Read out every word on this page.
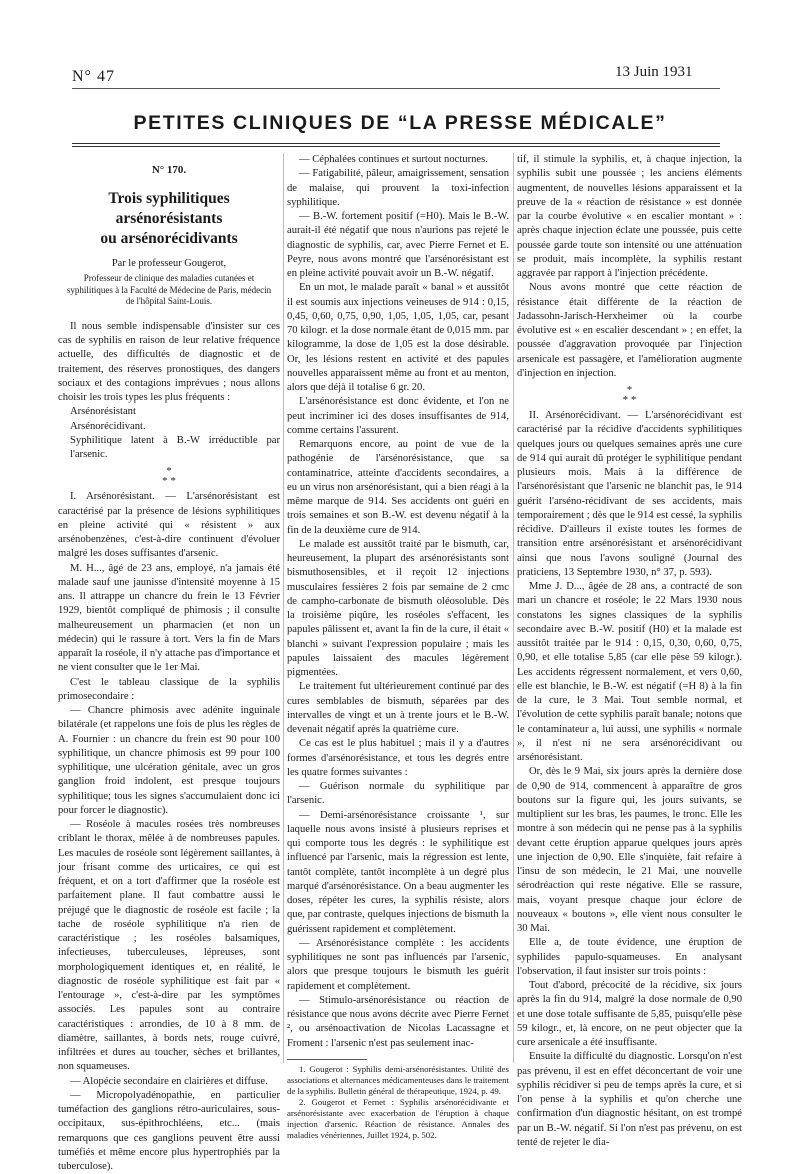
N° 47	13 Juin 1931
PETITES CLINIQUES DE “LA PRESSE MÉDICALE”
N° 170.
Trois syphilitiques
arsénorésistants
ou arsénorécidivants
Par le professeur Gougerot,
Professeur de clinique des maladies cutanées et syphilitiques à la Faculté de Médecine de Paris, médecin de l'hôpital Saint-Louis.

Il nous semble indispensable d'insister sur ces cas de syphilis en raison de leur relative fréquence actuelle, des difficultés de diagnostic et de traitement, des réserves pronostiques, des dangers sociaux et des contagions imprévues ; nous allons choisir les trois types les plus fréquents :

Arsénorésistant

Arsénorécidivant.

Syphilitique latent à B.-W irréductible par l'arsenic.

*
* *

I. Arsénorésistant. — L'arsénorésistant est caractérisé par la présence de lésions syphilitiques en pleine activité qui « résistent » aux arsénobenzènes, c'est-à-dire continuent d'évoluer malgré les doses suffisantes d'arsenic.

M. H..., âgé de 23 ans, employé, n'a jamais été malade sauf une jaunisse d'intensité moyenne à 15 ans. Il attrappe un chancre du frein le 13 Février 1929, bientôt compliqué de phimosis ; il consulte malheureusement un pharmacien (et non un médecin) qui le rassure à tort. Vers la fin de Mars apparaît la roséole, il n'y attache pas d'importance et ne vient consulter que le 1er Mai.

C'est le tableau classique de la syphilis primosecondaire :

— Chancre phimosis avec adénite inguinale bilatérale (et rappelons une fois de plus les règles de A. Fournier : un chancre du frein est 90 pour 100 syphilitique, un chancre phimosis est 99 pour 100 syphilitique, une ulcération génitale, avec un gros ganglion froid indolent, est presque toujours syphilitique; tous les signes s'accumulaient donc ici pour forcer le diagnostic).

— Roséole à macules rosées très nombreuses criblant le thorax, mêlée à de nombreuses papules. Les macules de roséole sont légèrement saillantes, à jour frisant comme des urticaires, ce qui est fréquent, et on a tort d'affirmer que la roséole est parfaitement plane. Il faut combattre aussi le préjugé que le diagnostic de roséole est facile ; la tache de roséole syphilitique n'a rien de caractéristique ; les roséoles balsamiques, infectieuses, tuberculeuses, lépreuses, sont morphologiquement identiques et, en réalité, le diagnostic de roséole syphilitique est fait par « l'entourage », c'est-à-dire par les symptômes associés. Les papules sont au contraire caractéristiques : arrondies, de 10 à 8 mm. de diamètre, saillantes, à bords nets, rouge cuivré, infiltrées et dures au toucher, sèches et brillantes, non squameuses.

— Alopécie secondaire en clairières et diffuse.

— Micropolyadénopathie, en particulier tuméfaction des ganglions rétro-auriculaires, sous-occipitaux, sus-épithrochléens, etc... (mais remarquons que ces ganglions peuvent être aussi tuméfiés et même encore plus hypertrophiés par la tuberculose).

— Céphalées continues et surtout nocturnes.

— Fatigabilité, pâleur, amaigrissement, sensation de malaise, qui prouvent la toxi-infection syphilitique.

— B.-W. fortement positif (=H0). Mais le B.-W. aurait-il été négatif que nous n'aurions pas rejeté le diagnostic de syphilis, car, avec Pierre Fernet et E. Peyre, nous avons montré que l'arsénorésistant est en pleine activité pouvait avoir un B.-W. négatif.

En un mot, le malade paraît « banal » et aussitôt il est soumis aux injections veineuses de 914 : 0,15, 0,45, 0,60, 0,75, 0,90, 1,05, 1,05, 1,05, car, pesant 70 kilogr. et la dose normale étant de 0,015 mm. par kilogramme, la dose de 1,05 est la dose désirable. Or, les lésions restent en activité et des papules nouvelles apparaissent même au front et au menton, alors que déjà il totalise 6 gr. 20.

L'arsénorésistance est donc évidente, et l'on ne peut incriminer ici des doses insuffisantes de 914, comme certains l'assurent.

Remarquons encore, au point de vue de la pathogénie de l'arsénorésistance, que sa contaminatrice, atteinte d'accidents secondaires, a eu un virus non arsénorésistant, qui a bien réagi à la même marque de 914. Ses accidents ont guéri en trois semaines et son B.-W. est devenu négatif à la fin de la deuxième cure de 914.

Le malade est aussitôt traité par le bismuth, car, heureusement, la plupart des arsénorésistants sont bismuthosensibles, et il reçoit 12 injections musculaires fessières 2 fois par semaine de 2 cmc de campho-carbonate de bismuth oléosoluble. Dès la troisième piqûre, les roséoles s'effacent, les papules pâlissent et, avant la fin de la cure, il était « blanchi » suivant l'expression populaire ; mais les papules laissaient des macules légèrement pigmentées.

Le traitement fut ultérieurement continué par des cures semblables de bismuth, séparées par des intervalles de vingt et un à trente jours et le B.-W. devenait négatif après la quatrième cure.

Ce cas est le plus habituel ; mais il y a d'autres formes d'arsénorésistance, et tous les degrés entre les quatre formes suivantes :

— Guérison normale du syphilitique par l'arsenic.

— Demi-arsénorésistance croissante ¹, sur laquelle nous avons insisté à plusieurs reprises et qui comporte tous les degrés : le syphilitique est influencé par l'arsenic, mais la régression est lente, tantôt complète, tantôt incomplète à un degré plus marqué d'arsénorésistance. On a beau augmenter les doses, répéter les cures, la syphilis résiste, alors que, par contraste, quelques injections de bismuth la guérissent rapidement et complètement.

— Arsénorésistance complète : les accidents syphilitiques ne sont pas influencés par l'arsenic, alors que presque toujours le bismuth les guérit rapidement et complètement.

— Stimulo-arsénorésistance ou réaction de résistance que nous avons décrite avec Pierre Fernet ², ou arsénoactivation de Nicolas Lacassagne et Froment : l'arsenic n'est pas seulement inac-

1. Gougerot : Syphilis demi-arsénorésistantes. Utilité des associations et alternances médicamenteuses dans le traitement de la syphilis. Bulletin général de thérapeutique, 1924, p. 49.

2. Gougerot et Fernet : Syphilis arsénorécidivante et arsénorésistante avec exacerbation de l'éruption à chaque injection d'arsenic. Réaction de résistance. Annales des maladies vénériennes, Juillet 1924, p. 502.

tif, il stimule la syphilis, et, à chaque injection, la syphilis subit une poussée ; les anciens éléments augmentent, de nouvelles lésions apparaissent et la preuve de la « réaction de résistance » est donnée par la courbe évolutive « en escalier montant » : après chaque injection éclate une poussée, puis cette poussée garde toute son intensité ou une atténuation se produit, mais incomplète, la syphilis restant aggravée par rapport à l'injection précédente.

Nous avons montré que cette réaction de résistance était différente de la réaction de Jadassohn-Jarisch-Herxheimer où la courbe évolutive est « en escalier descendant » ; en effet, la poussée d'aggravation provoquée par l'injection arsenicale est passagère, et l'amélioration augmente d'injection en injection.

*
* *

II. Arsénorécidivant. — L'arsénorécidivant est caractérisé par la récidive d'accidents syphilitiques quelques jours ou quelques semaines après une cure de 914 qui aurait dû protéger le syphilitique pendant plusieurs mois. Mais à la différence de l'arsénorésistant que l'arsenic ne blanchit pas, le 914 guérit l'arséno-récidivant de ses accidents, mais temporairement ; dès que le 914 est cessé, la syphilis récidive. D'ailleurs il existe toutes les formes de transition entre arsénorésistant et arsénorécidivant ainsi que nous l'avons souligné (Journal des praticiens, 13 Septembre 1930, n° 37, p. 593).

Mme J. D..., âgée de 28 ans, a contracté de son mari un chancre et roséole; le 22 Mars 1930 nous constatons les signes classiques de la syphilis secondaire avec B.-W. positif (H0) et la malade est aussitôt traitée par le 914 : 0,15, 0,30, 0,60, 0,75, 0,90, et elle totalise 5,85 (car elle pèse 59 kilogr.). Les accidents régressent normalement, et vers 0,60, elle est blanchie, le B.-W. est négatif (=H 8) à la fin de la cure, le 3 Mai. Tout semble normal, et l'évolution de cette syphilis paraît banale; notons que le contaminateur a, lui aussi, une syphilis « normale », il n'est ni ne sera arsénorécidivant ou arsénorésistant.

Or, dès le 9 Mai, six jours après la dernière dose de 0,90 de 914, commencent à apparaître de gros boutons sur la figure qui, les jours suivants, se multiplient sur les bras, les paumes, le tronc. Elle les montre à son médecin qui ne pense pas à la syphilis devant cette éruption apparue quelques jours après une injection de 0,90. Elle s'inquiète, fait refaire à l'insu de son médecin, le 21 Mai, une nouvelle sérodréaction qui reste négative. Elle se rassure, mais, voyant presque chaque jour éclore de nouveaux « boutons », elle vient nous consulter le 30 Mai.

Elle a, de toute évidence, une éruption de syphilides papulo-squameuses. En analysant l'observation, il faut insister sur trois points :

Tout d'abord, précocité de la récidive, six jours après la fin du 914, malgré la dose normale de 0,90 et une dose totale suffisante de 5,85, puisqu'elle pèse 59 kilogr., et, là encore, on ne peut objecter que la cure arsenicale a été insuffisante.

Ensuite la difficulté du diagnostic. Lorsqu'on n'est pas prévenu, il est en effet déconcertant de voir une syphilis récidiver si peu de temps après la cure, et si l'on pense à la syphilis et qu'on cherche une confirmation d'un diagnostic hésitant, on est trompé par un B.-W. négatif. Si l'on n'est pas prévenu, on est tenté de rejeter le dia-
